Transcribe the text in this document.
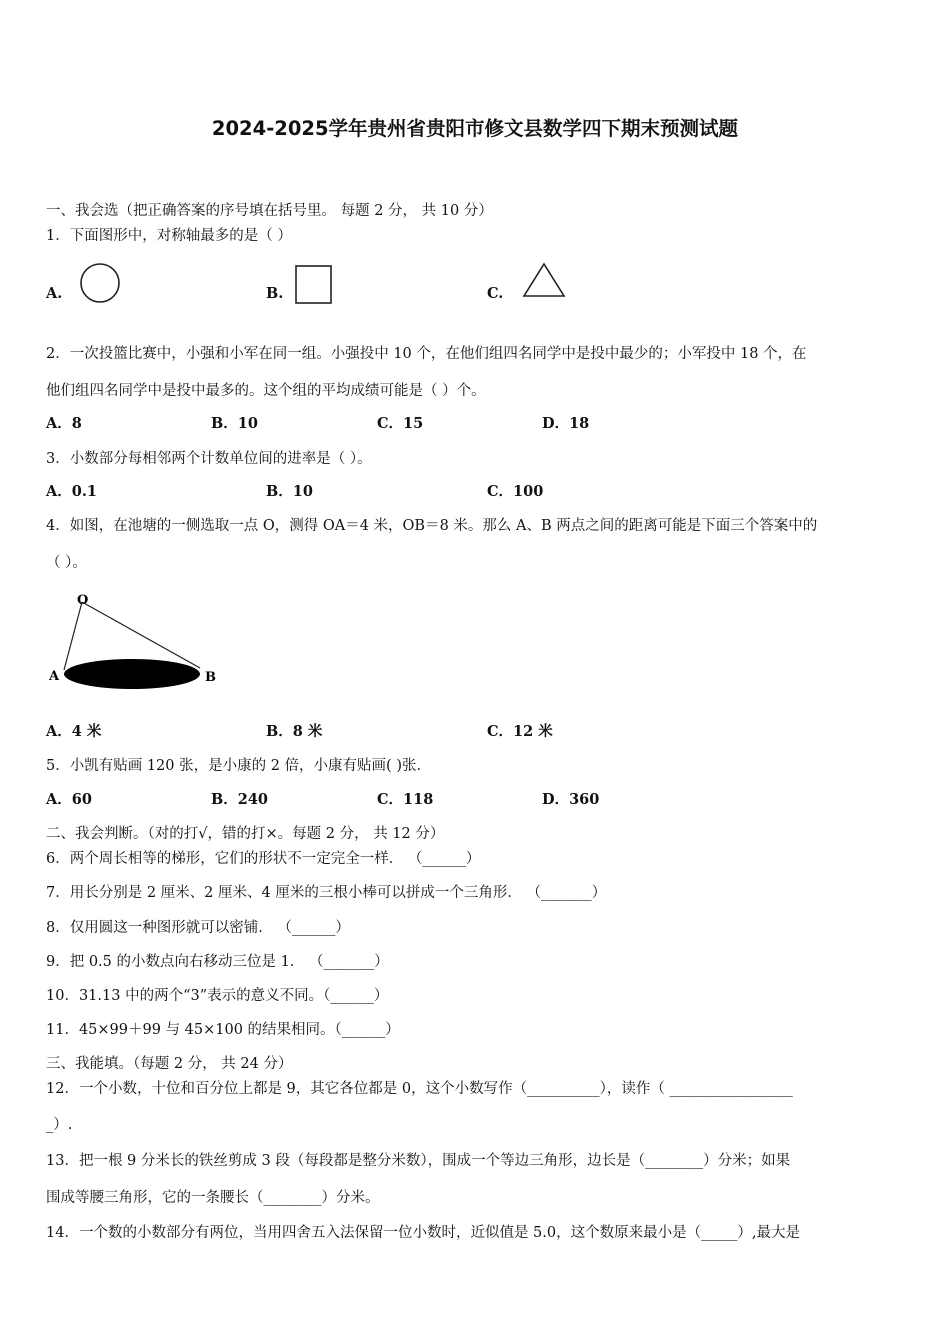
2024-2025学年贵州省贵阳市修文县数学四下期末预测试题
一、我会选（把正确答案的序号填在括号里。 每题 2 分， 共 10 分）
1．下面图形中，对称轴最多的是（ ）
A.	B.	C.
2．一次投篮比赛中，小强和小军在同一组。小强投中 10 个，在他们组四名同学中是投中最少的；小军投中 18 个，在
他们组四名同学中是投中最多的。这个组的平均成绩可能是（ ）个。
A．8	B．10	C．15	D．18
3．小数部分每相邻两个计数单位间的进率是（ ）。
A．0.1	B．10	C．100
4．如图，在池塘的一侧选取一点 O，测得 OA＝4 米，OB＝8 米。那么 A、B 两点之间的距离可能是下面三个答案中的
（ ）。
O
A	B
A．4 米	B．8 米	C．12 米
5．小凯有贴画 120 张，是小康的 2 倍，小康有贴画( )张．
A．60	B．240	C．118	D．360
二、我会判断。（对的打√，错的打×。每题 2 分， 共 12 分）
6．两个周长相等的梯形，它们的形状不一定完全一样． （______）
7．用长分别是 2 厘米、2 厘米、4 厘米的三根小棒可以拼成一个三角形． （_______）
8．仅用圆这一种图形就可以密铺． （______）
9．把 0.5 的小数点向右移动三位是 1． （_______）
10．31.13 中的两个“3”表示的意义不同。（______）
11．45×99＋99 与 45×100 的结果相同。（______）
三、我能填。（每题 2 分， 共 24 分）
12．一个小数，十位和百分位上都是 9，其它各位都是 0，这个小数写作（__________），读作（ _________________
_）.
13．把一根 9 分米长的铁丝剪成 3 段（每段都是整分米数），围成一个等边三角形，边长是（________）分米；如果
围成等腰三角形，它的一条腰长（________）分米。
14．一个数的小数部分有两位，当用四舍五入法保留一位小数时，近似值是 5.0，这个数原来最小是（_____）,最大是
